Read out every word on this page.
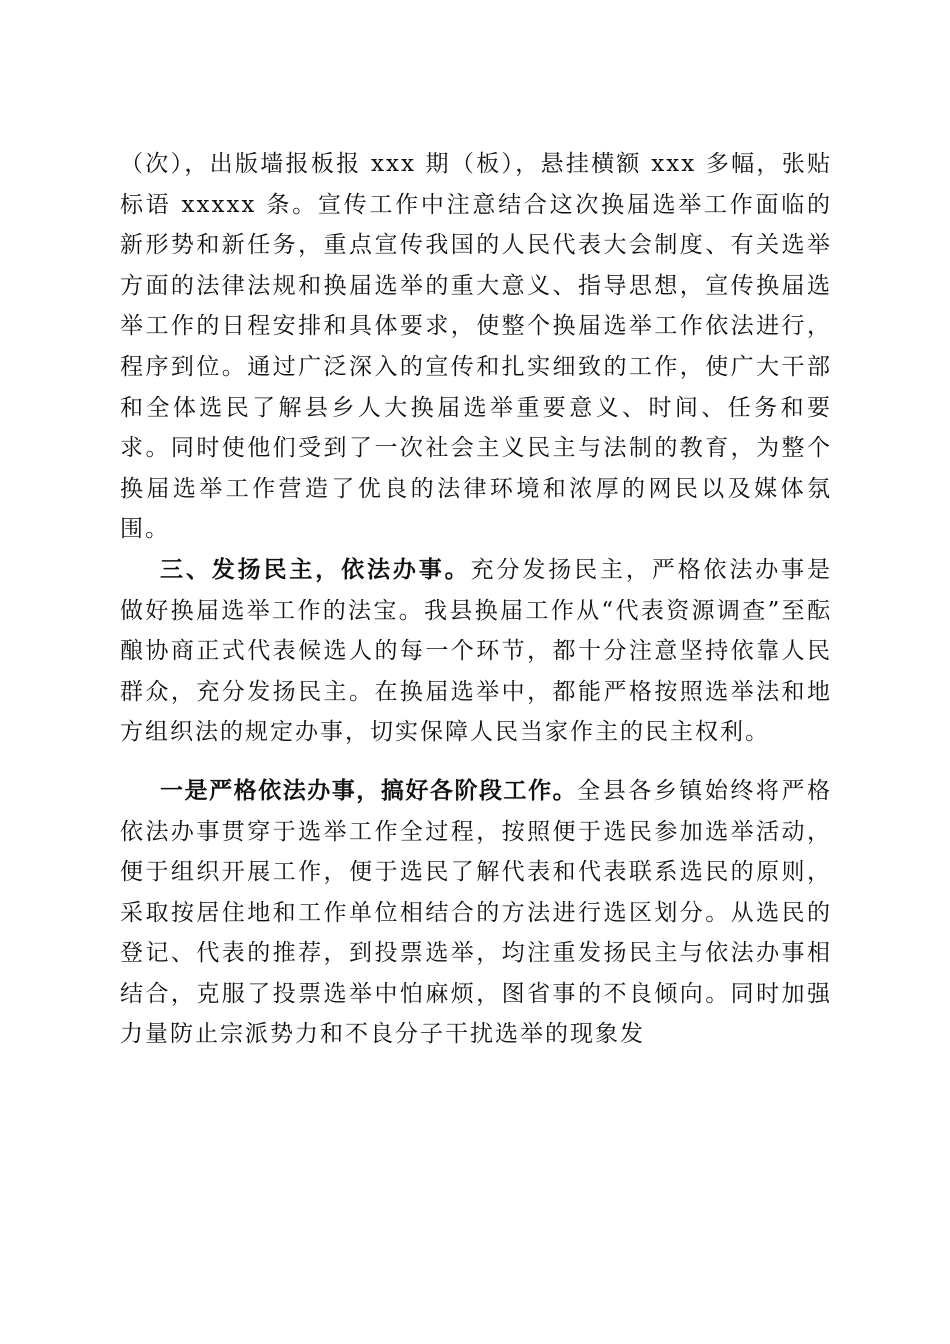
（次），出版墙报板报 xxx 期（板），悬挂横额 xxx 多幅，张贴标语 xxxxx 条。宣传工作中注意结合这次换届选举工作面临的新形势和新任务，重点宣传我国的人民代表大会制度、有关选举方面的法律法规和换届选举的重大意义、指导思想，宣传换届选举工作的日程安排和具体要求，使整个换届选举工作依法进行，程序到位。通过广泛深入的宣传和扎实细致的工作，使广大干部和全体选民了解县乡人大换届选举重要意义、时间、任务和要求。同时使他们受到了一次社会主义民主与法制的教育，为整个换届选举工作营造了优良的法律环境和浓厚的网民以及媒体氛围。

三、发扬民主，依法办事。充分发扬民主，严格依法办事是做好换届选举工作的法宝。我县换届工作从“代表资源调查”至酝酿协商正式代表候选人的每一个环节，都十分注意坚持依靠人民群众，充分发扬民主。在换届选举中，都能严格按照选举法和地方组织法的规定办事，切实保障人民当家作主的民主权利。

一是严格依法办事，搞好各阶段工作。全县各乡镇始终将严格依法办事贯穿于选举工作全过程，按照便于选民参加选举活动，便于组织开展工作，便于选民了解代表和代表联系选民的原则，采取按居住地和工作单位相结合的方法进行选区划分。从选民的登记、代表的推荐，到投票选举，均注重发扬民主与依法办事相结合，克服了投票选举中怕麻烦，图省事的不良倾向。同时加强力量防止宗派势力和不良分子干扰选举的现象发
